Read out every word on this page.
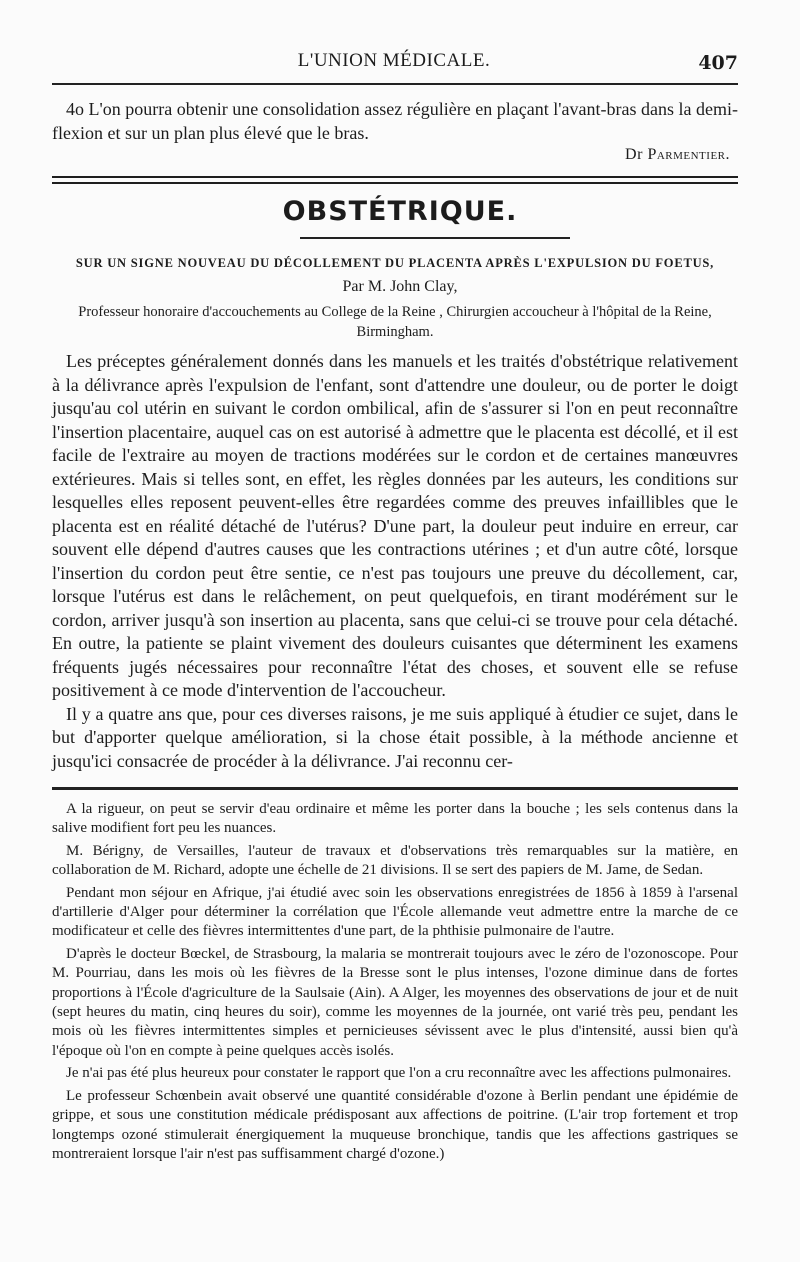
L'UNION MÉDICALE.	407
4o L'on pourra obtenir une consolidation assez régulière en plaçant l'avant-bras dans la demi-flexion et sur un plan plus élevé que le bras.
Dr Parmentier.
OBSTÉTRIQUE.
SUR UN SIGNE NOUVEAU DU DÉCOLLEMENT DU PLACENTA APRÈS L'EXPULSION DU FOETUS,
Par M. John Clay,
Professeur honoraire d'accouchements au College de la Reine , Chirurgien accoucheur à l'hôpital de la Reine, Birmingham.
Les préceptes généralement donnés dans les manuels et les traités d'obstétrique relativement à la délivrance après l'expulsion de l'enfant, sont d'attendre une douleur, ou de porter le doigt jusqu'au col utérin en suivant le cordon ombilical, afin de s'assurer si l'on en peut reconnaître l'insertion placentaire, auquel cas on est autorisé à admettre que le placenta est décollé, et il est facile de l'extraire au moyen de tractions modérées sur le cordon et de certaines manœuvres extérieures. Mais si telles sont, en effet, les règles données par les auteurs, les conditions sur lesquelles elles reposent peuvent-elles être regardées comme des preuves infaillibles que le placenta est en réalité détaché de l'utérus? D'une part, la douleur peut induire en erreur, car souvent elle dépend d'autres causes que les contractions utérines ; et d'un autre côté, lorsque l'insertion du cordon peut être sentie, ce n'est pas toujours une preuve du décollement, car, lorsque l'utérus est dans le relâchement, on peut quelquefois, en tirant modérément sur le cordon, arriver jusqu'à son insertion au placenta, sans que celui-ci se trouve pour cela détaché. En outre, la patiente se plaint vivement des douleurs cuisantes que déterminent les examens fréquents jugés nécessaires pour reconnaître l'état des choses, et souvent elle se refuse positivement à ce mode d'intervention de l'accoucheur.
Il y a quatre ans que, pour ces diverses raisons, je me suis appliqué à étudier ce sujet, dans le but d'apporter quelque amélioration, si la chose était possible, à la méthode ancienne et jusqu'ici consacrée de procéder à la délivrance. J'ai reconnu cer-

A la rigueur, on peut se servir d'eau ordinaire et même les porter dans la bouche ; les sels contenus dans la salive modifient fort peu les nuances.

M. Bérigny, de Versailles, l'auteur de travaux et d'observations très remarquables sur la matière, en collaboration de M. Richard, adopte une échelle de 21 divisions. Il se sert des papiers de M. Jame, de Sedan.

Pendant mon séjour en Afrique, j'ai étudié avec soin les observations enregistrées de 1856 à 1859 à l'arsenal d'artillerie d'Alger pour déterminer la corrélation que l'École allemande veut admettre entre la marche de ce modificateur et celle des fièvres intermittentes d'une part, de la phthisie pulmonaire de l'autre.

D'après le docteur Bœckel, de Strasbourg, la malaria se montrerait toujours avec le zéro de l'ozonoscope. Pour M. Pourriau, dans les mois où les fièvres de la Bresse sont le plus intenses, l'ozone diminue dans de fortes proportions à l'École d'agriculture de la Saulsaie (Ain). A Alger, les moyennes des observations de jour et de nuit (sept heures du matin, cinq heures du soir), comme les moyennes de la journée, ont varié très peu, pendant les mois où les fièvres intermittentes simples et pernicieuses sévissent avec le plus d'intensité, aussi bien qu'à l'époque où l'on en compte à peine quelques accès isolés.

Je n'ai pas été plus heureux pour constater le rapport que l'on a cru reconnaître avec les affections pulmonaires.

Le professeur Schœnbein avait observé une quantité considérable d'ozone à Berlin pendant une épidémie de grippe, et sous une constitution médicale prédisposant aux affections de poitrine. (L'air trop fortement et trop longtemps ozoné stimulerait énergiquement la muqueuse bronchique, tandis que les affections gastriques se montreraient lorsque l'air n'est pas suffisamment chargé d'ozone.)
